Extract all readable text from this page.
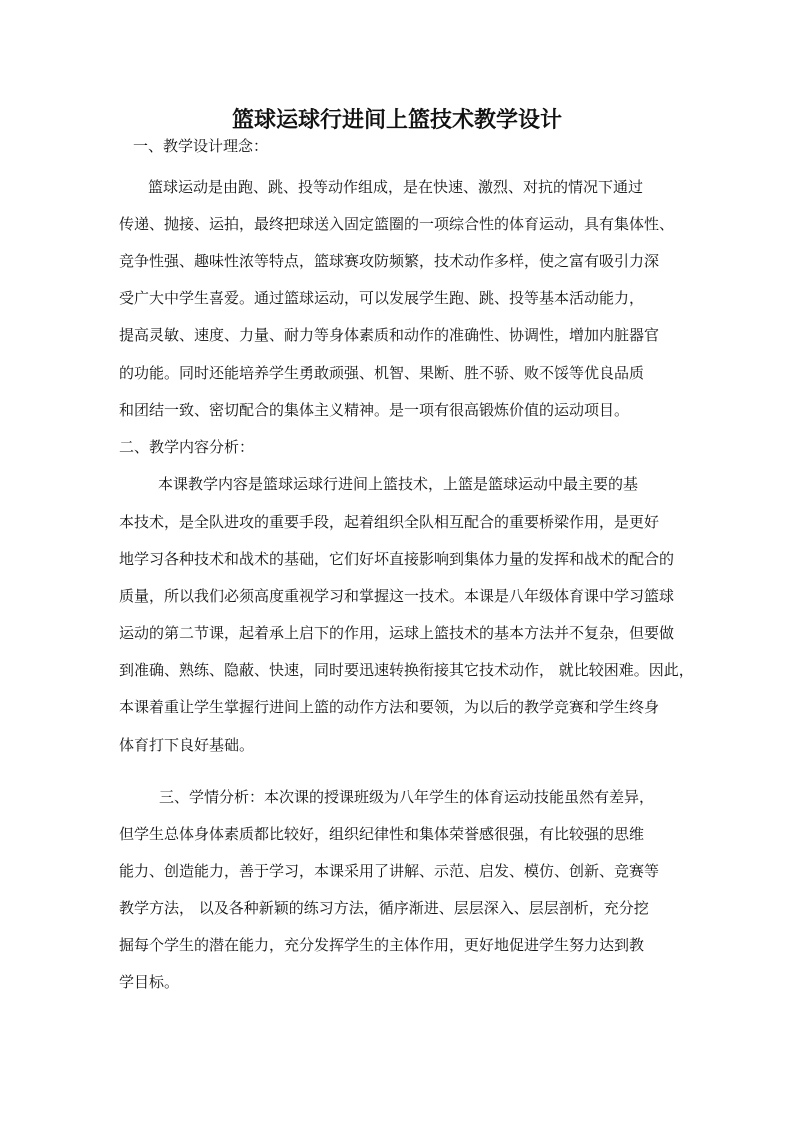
篮球运球行进间上篮技术教学设计
一、教学设计理念：
篮球运动是由跑、跳、投等动作组成，是在快速、激烈、对抗的情况下通过
传递、抛接、运拍，最终把球送入固定篮圈的一项综合性的体育运动，具有集体性、
竞争性强、趣味性浓等特点，篮球赛攻防频繁，技术动作多样，使之富有吸引力深
受广大中学生喜爱。通过篮球运动，可以发展学生跑、跳、投等基本活动能力，
提高灵敏、速度、力量、耐力等身体素质和动作的准确性、协调性，增加内脏器官
的功能。同时还能培养学生勇敢顽强、机智、果断、胜不骄、败不馁等优良品质
和团结一致、密切配合的集体主义精神。是一项有很高锻炼价值的运动项目。
二、教学内容分析：
本课教学内容是篮球运球行进间上篮技术，上篮是篮球运动中最主要的基
本技术，是全队进攻的重要手段，起着组织全队相互配合的重要桥梁作用，是更好
地学习各种技术和战术的基础，它们好坏直接影响到集体力量的发挥和战术的配合的
质量，所以我们必须高度重视学习和掌握这一技术。本课是八年级体育课中学习篮球
运动的第二节课，起着承上启下的作用，运球上篮技术的基本方法并不复杂，但要做
到准确、熟练、隐蔽、快速，同时要迅速转换衔接其它技术动作， 就比较困难。因此，
本课着重让学生掌握行进间上篮的动作方法和要领，为以后的教学竞赛和学生终身
体育打下良好基础。
三、学情分析：本次课的授课班级为八年学生的体育运动技能虽然有差异，
但学生总体身体素质都比较好，组织纪律性和集体荣誉感很强，有比较强的思维
能力、创造能力，善于学习，本课采用了讲解、示范、启发、模仿、创新、竞赛等
教学方法， 以及各种新颖的练习方法，循序渐进、层层深入、层层剖析，充分挖
掘每个学生的潜在能力，充分发挥学生的主体作用，更好地促进学生努力达到教
学目标。
